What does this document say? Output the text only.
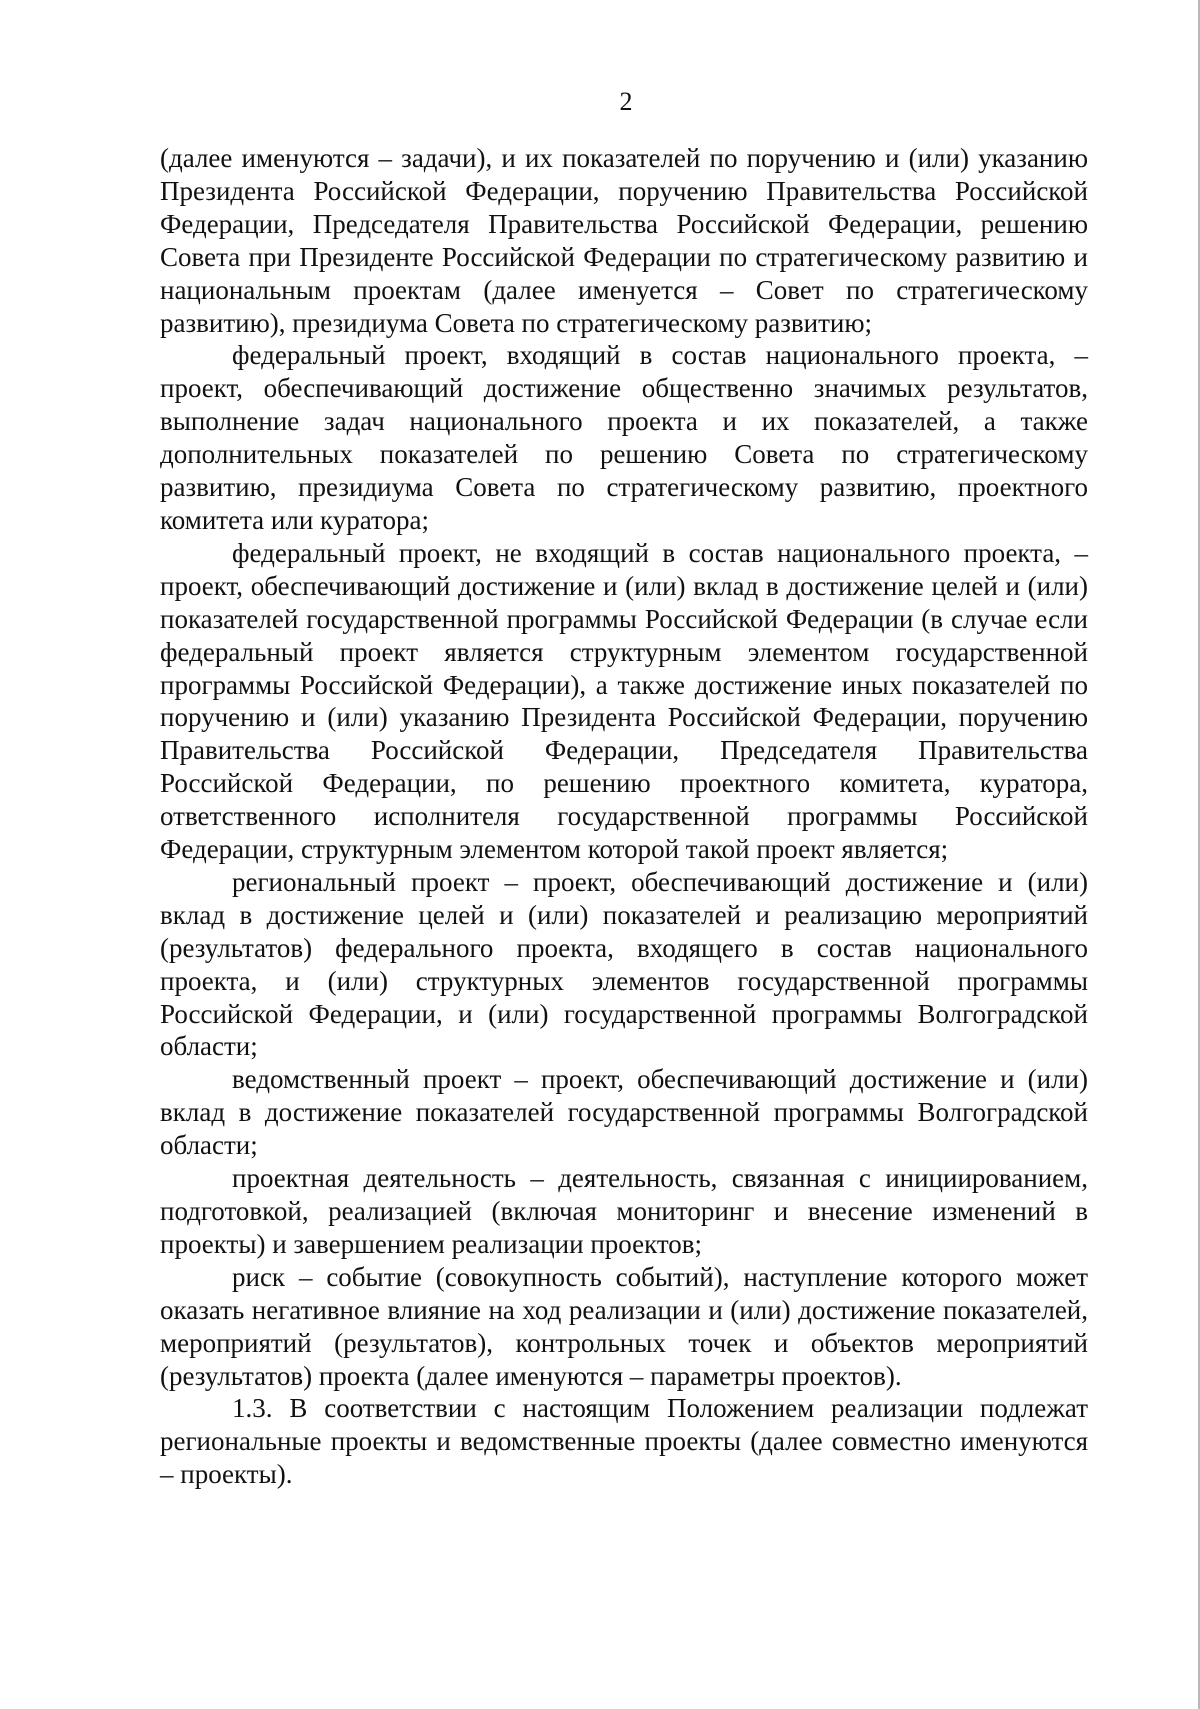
2

(далее именуются – задачи), и их показателей по поручению и (или) указанию Президента Российской Федерации, поручению Правительства Российской Федерации, Председателя Правительства Российской Федерации, решению Совета при Президенте Российской Федерации по стратегическому развитию и национальным проектам (далее именуется – Совет по стратегическому развитию), президиума Совета по стратегическому развитию;

федеральный проект, входящий в состав национального проекта, – проект, обеспечивающий достижение общественно значимых результатов, выполнение задач национального проекта и их показателей, а также дополнительных показателей по решению Совета по стратегическому развитию, президиума Совета по стратегическому развитию, проектного комитета или куратора;

федеральный проект, не входящий в состав национального проекта, – проект, обеспечивающий достижение и (или) вклад в достижение целей и (или) показателей государственной программы Российской Федерации (в случае если федеральный проект является структурным элементом государственной программы Российской Федерации), а также достижение иных показателей по поручению и (или) указанию Президента Российской Федерации, поручению Правительства Российской Федерации, Председателя Правительства Российской Федерации, по решению проектного комитета, куратора, ответственного исполнителя государственной программы Российской Федерации, структурным элементом которой такой проект является;

региональный проект – проект, обеспечивающий достижение и (или) вклад в достижение целей и (или) показателей и реализацию мероприятий (результатов) федерального проекта, входящего в состав национального проекта, и (или) структурных элементов государственной программы Российской Федерации, и (или) государственной программы Волгоградской области;

ведомственный проект – проект, обеспечивающий достижение и (или) вклад в достижение показателей государственной программы Волгоградской области;

проектная деятельность – деятельность, связанная с инициированием, подготовкой, реализацией (включая мониторинг и внесение изменений в проекты) и завершением реализации проектов;

риск – событие (совокупность событий), наступление которого может оказать негативное влияние на ход реализации и (или) достижение показателей, мероприятий (результатов), контрольных точек и объектов мероприятий (результатов) проекта (далее именуются – параметры проектов).

1.3. В соответствии с настоящим Положением реализации подлежат региональные проекты и ведомственные проекты (далее совместно именуются – проекты).
